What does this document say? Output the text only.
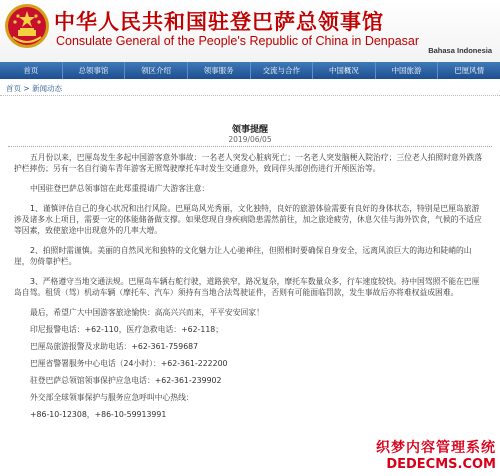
中华人民共和国驻登巴萨总领事馆
Consulate General of the People's Republic of China in Denpasar
Bahasa Indonesia
首页	总领事馆	领区介绍	领事服务	交流与合作	中国概况	中国旅游	巴厘风情
首页 > 新闻动态
领事提醒
2019/06/05

五月份以来，巴厘岛发生多起中国游客意外事故：一名老人突发心脏病死亡；一名老人突发脑梗入院治疗；三位老人拍照时意外跌落护栏摔伤；另有一名自行骑车青年游客无照驾驶摩托车时发生交通意外，致同伴头部创伤进行开颅医治等。

中国驻登巴萨总领事馆在此郑重提请广大游客注意：

1、谨慎评估自己的身心状况和出行风险。巴厘岛风光秀丽，文化独特，良好的旅游体验需要有良好的身体状态，特别是巴厘岛旅游涉及诸多水上项目，需要一定的体能储备做支撑。如果您现自身疾病隐患需然前往，加之旅途疲劳，休息欠佳与海外饮食，气候的不适应等因素，致使旅途中出现意外的几率大增。

2、拍照时需谨慎。美丽的自然风光和独特的文化魅力让人心驰神往，但照相时要确保自身安全，远离风浪巨大的海边和陡峭的山崖，勿倚靠护栏。

3、严格遵守当地交通法规。巴厘岛车辆右舵行驶，道路狭窄，路况复杂，摩托车数量众多，行车速度较快。持中国驾照不能在巴厘岛自驾。租赁（驾）机动车辆（摩托车、汽车）须持有当地合法驾驶证件，否则有可能面临罚款，发生事故后亦将难权益成困难。

最后，希望广大中国游客旅途愉快：高高兴兴而来，平平安安回家！

印尼报警电话：+62-110，医疗急救电话：+62-118；

巴厘岛旅游报警及求助电话：+62-361-759687

巴厘省警署服务中心电话（24小时）：+62-361-222200

驻登巴萨总领馆领事保护应急电话：+62-361-239902

外交部全球领事保护与服务应急呼叫中心热线：

+86-10-12308，+86-10-59913991

织梦内容管理系统
DEDECMS.COM
